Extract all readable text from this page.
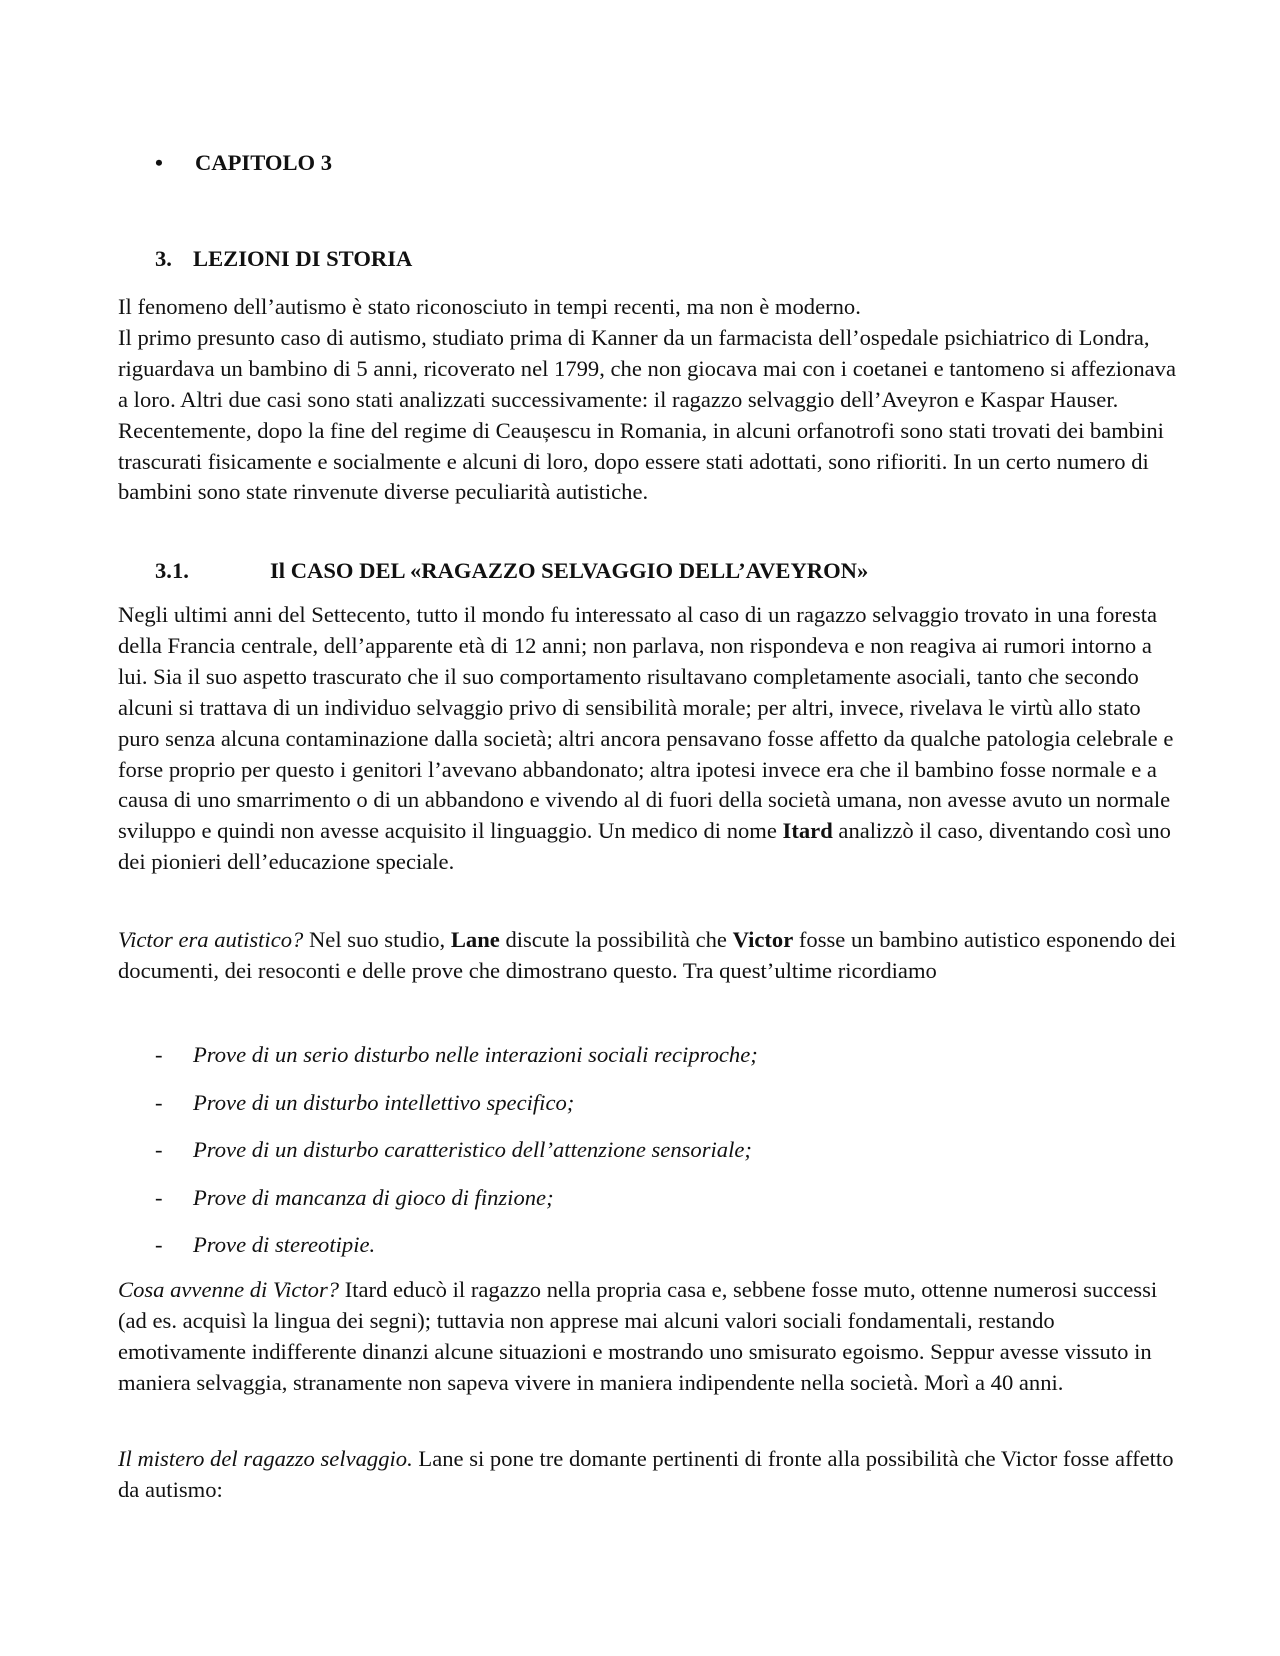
• CAPITOLO 3

3. LEZIONI DI STORIA

Il fenomeno dell’autismo è stato riconosciuto in tempi recenti, ma non è moderno.
Il primo presunto caso di autismo, studiato prima di Kanner da un farmacista dell’ospedale psichiatrico di Londra, riguardava un bambino di 5 anni, ricoverato nel 1799, che non giocava mai con i coetanei e tantomeno si affezionava a loro. Altri due casi sono stati analizzati successivamente: il ragazzo selvaggio dell’Aveyron e Kaspar Hauser. Recentemente, dopo la fine del regime di Ceaușescu in Romania, in alcuni orfanotrofi sono stati trovati dei bambini trascurati fisicamente e socialmente e alcuni di loro, dopo essere stati adottati, sono rifioriti. In un certo numero di bambini sono state rinvenute diverse peculiarità autistiche.

3.1.	Il CASO DEL «RAGAZZO SELVAGGIO DELL’AVEYRON»

Negli ultimi anni del Settecento, tutto il mondo fu interessato al caso di un ragazzo selvaggio trovato in una foresta della Francia centrale, dell’apparente età di 12 anni; non parlava, non rispondeva e non reagiva ai rumori intorno a lui. Sia il suo aspetto trascurato che il suo comportamento risultavano completamente asociali, tanto che secondo alcuni si trattava di un individuo selvaggio privo di sensibilità morale; per altri, invece, rivelava le virtù allo stato puro senza alcuna contaminazione dalla società; altri ancora pensavano fosse affetto da qualche patologia celebrale e forse proprio per questo i genitori l’avevano abbandonato; altra ipotesi invece era che il bambino fosse normale e a causa di uno smarrimento o di un abbandono e vivendo al di fuori della società umana, non avesse avuto un normale sviluppo e quindi non avesse acquisito il linguaggio. Un medico di nome Itard analizzò il caso, diventando così uno dei pionieri dell’educazione speciale.

Victor era autistico? Nel suo studio, Lane discute la possibilità che Victor fosse un bambino autistico esponendo dei documenti, dei resoconti e delle prove che dimostrano questo. Tra quest’ultime ricordiamo

- Prove di un serio disturbo nelle interazioni sociali reciproche;
- Prove di un disturbo intellettivo specifico;
- Prove di un disturbo caratteristico dell’attenzione sensoriale;
- Prove di mancanza di gioco di finzione;
- Prove di stereotipie.

Cosa avvenne di Victor? Itard educò il ragazzo nella propria casa e, sebbene fosse muto, ottenne numerosi successi (ad es. acquisì la lingua dei segni); tuttavia non apprese mai alcuni valori sociali fondamentali, restando emotivamente indifferente dinanzi alcune situazioni e mostrando uno smisurato egoismo. Seppur avesse vissuto in maniera selvaggia, stranamente non sapeva vivere in maniera indipendente nella società. Morì a 40 anni.

Il mistero del ragazzo selvaggio. Lane si pone tre domante pertinenti di fronte alla possibilità che Victor fosse affetto da autismo:
